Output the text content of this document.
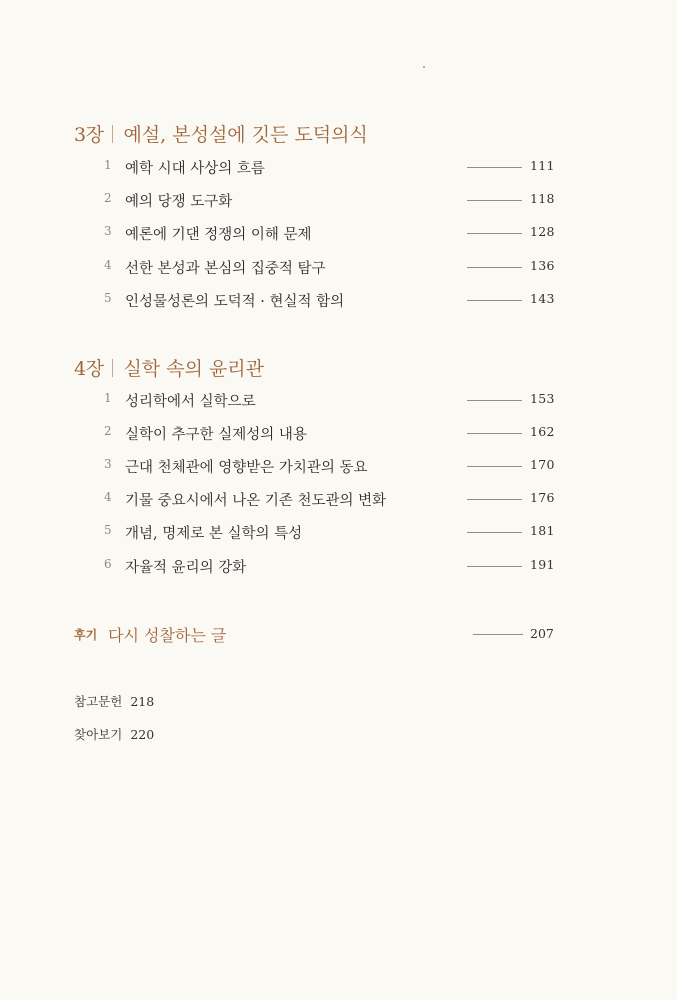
3장 예설, 본성설에 깃든 도덕의식
1 예학 시대 사상의 흐름	111
2 예의 당쟁 도구화	118
3 예론에 기댄 정쟁의 이해 문제	128
4 선한 본성과 본심의 집중적 탐구	136
5 인성물성론의 도덕적 · 현실적 함의	143
4장 실학 속의 윤리관
1 성리학에서 실학으로	153
2 실학이 추구한 실제성의 내용	162
3 근대 천체관에 영향받은 가치관의 동요	170
4 기물 중요시에서 나온 기존 천도관의 변화	176
5 개념, 명제로 본 실학의 특성	181
6 자율적 윤리의 강화	191
후기 다시 성찰하는 글	207
참고문헌 218
찾아보기 220
